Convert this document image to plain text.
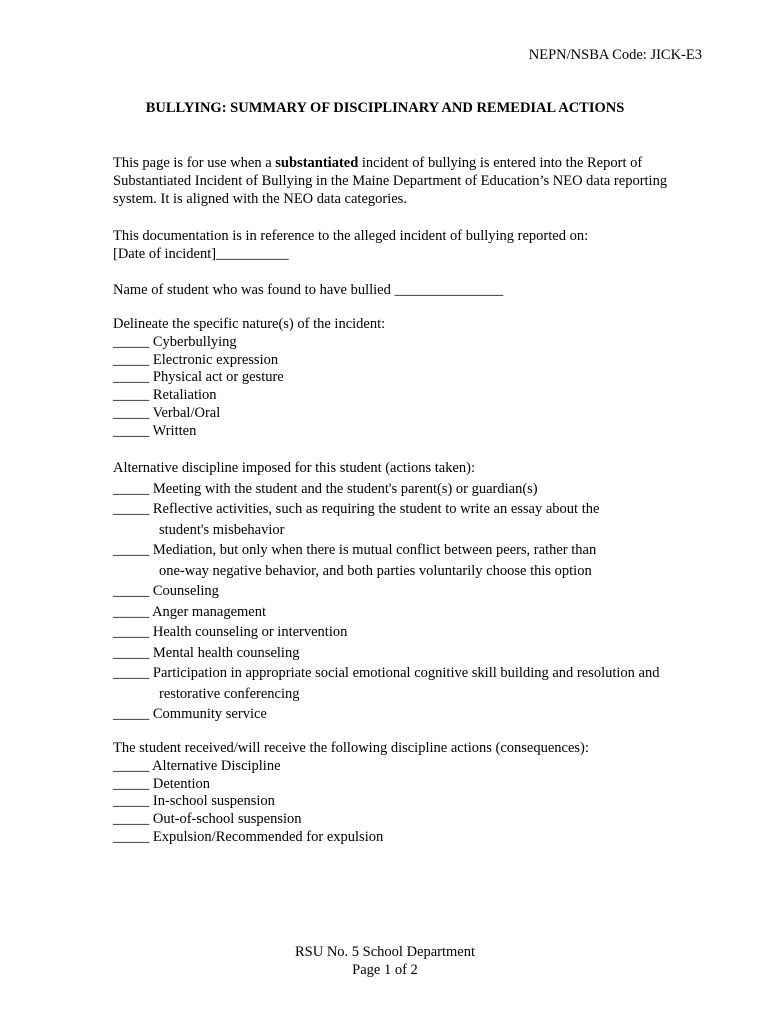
NEPN/NSBA Code: JICK-E3
BULLYING: SUMMARY OF DISCIPLINARY AND REMEDIAL ACTIONS
This page is for use when a substantiated incident of bullying is entered into the Report of
Substantiated Incident of Bullying in the Maine Department of Education’s NEO data reporting
system. It is aligned with the NEO data categories.
This documentation is in reference to the alleged incident of bullying reported on:
[Date of incident]__________
Name of student who was found to have bullied _______________
Delineate the specific nature(s) of the incident:
_____ Cyberbullying
_____ Electronic expression
_____ Physical act or gesture
_____ Retaliation
_____ Verbal/Oral
_____ Written
Alternative discipline imposed for this student (actions taken):
_____ Meeting with the student and the student's parent(s) or guardian(s)
_____ Reflective activities, such as requiring the student to write an essay about the
student's misbehavior
_____ Mediation, but only when there is mutual conflict between peers, rather than
one-way negative behavior, and both parties voluntarily choose this option
_____ Counseling
_____ Anger management
_____ Health counseling or intervention
_____ Mental health counseling
_____ Participation in appropriate social emotional cognitive skill building and resolution and
restorative conferencing
_____ Community service
The student received/will receive the following discipline actions (consequences):
_____ Alternative Discipline
_____ Detention
_____ In-school suspension
_____ Out-of-school suspension
_____ Expulsion/Recommended for expulsion
RSU No. 5 School Department
Page 1 of 2
